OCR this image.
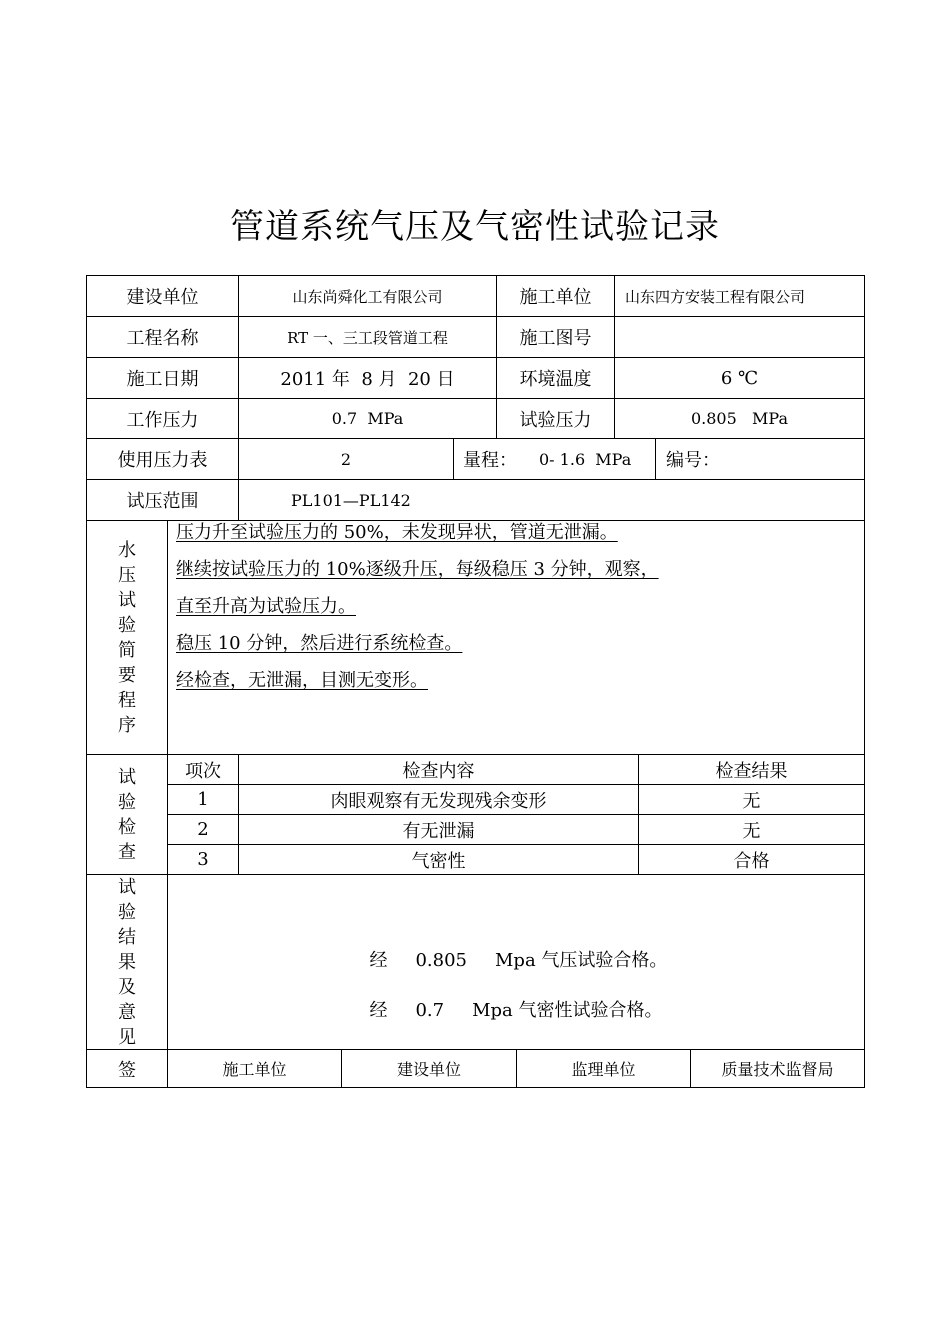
管道系统气压及气密性试验记录
建设单位	山东尚舜化工有限公司	施工单位 山东四方安装工程有限公司
工程名称	RT 一、三工段管道工程	施工图号
施工日期	2011 年  8 月  20 日	环境温度	6 ℃
工作压力	0.7  MPa	试验压力	0.805   MPa
使用压力表	2	量程： 0- 1.6  MPa 编号：
试压范围	PL101—PL142
水
压
试
验
简
要
程
序
压力升至试验压力的 50%，未发现异状，管道无泄漏。
继续按试验压力的 10%逐级升压，每级稳压 3 分钟，观察，
直至升高为试验压力。
稳压 10 分钟，然后进行系统检查。
经检查，无泄漏，目测无变形。
试
验
检
查
项次	检查内容	检查结果
1	肉眼观察有无发现残余变形	无
2	有无泄漏	无
3	气密性	合格
试
验
结
果
及
意
见

经 0.805 Mpa 气压试验合格。

经 0.7 Mpa 气密性试验合格。

签	施工单位	建设单位	监理单位	质量技术监督局
